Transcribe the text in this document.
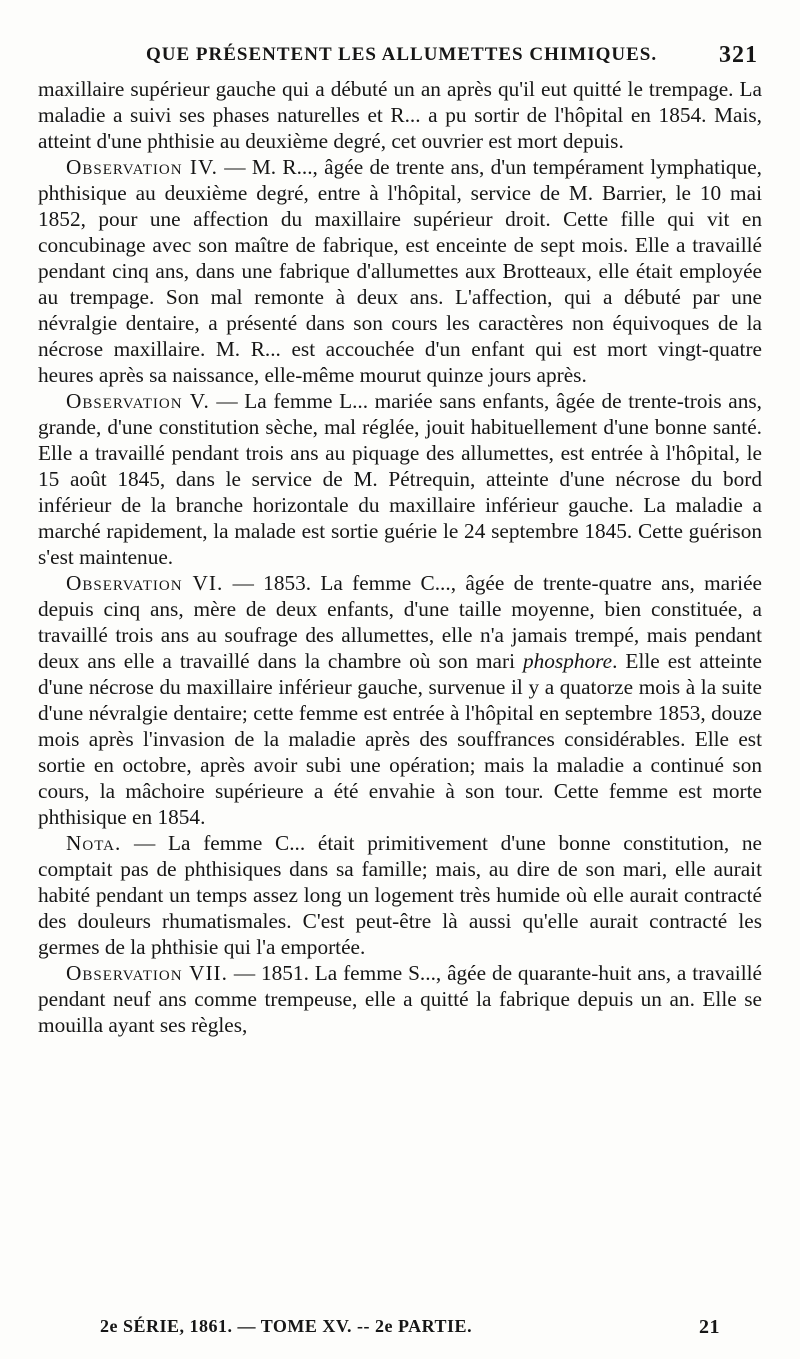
QUE PRÉSENTENT LES ALLUMETTES CHIMIQUES.	321

maxillaire supérieur gauche qui a débuté un an après qu'il eut quitté le trempage. La maladie a suivi ses phases naturelles et R... a pu sortir de l'hôpital en 1854. Mais, atteint d'une phthisie au deuxième degré, cet ouvrier est mort depuis.

Observation IV. — M. R..., âgée de trente ans, d'un tempérament lymphatique, phthisique au deuxième degré, entre à l'hôpital, service de M. Barrier, le 10 mai 1852, pour une affection du maxillaire supérieur droit. Cette fille qui vit en concubinage avec son maître de fabrique, est enceinte de sept mois. Elle a travaillé pendant cinq ans, dans une fabrique d'allumettes aux Brotteaux, elle était employée au trempage. Son mal remonte à deux ans. L'affection, qui a débuté par une névralgie dentaire, a présenté dans son cours les caractères non équivoques de la nécrose maxillaire. M. R... est accouchée d'un enfant qui est mort vingt-quatre heures après sa naissance, elle-même mourut quinze jours après.

Observation V. — La femme L... mariée sans enfants, âgée de trente-trois ans, grande, d'une constitution sèche, mal réglée, jouit habituellement d'une bonne santé. Elle a travaillé pendant trois ans au piquage des allumettes, est entrée à l'hôpital, le 15 août 1845, dans le service de M. Pétrequin, atteinte d'une nécrose du bord inférieur de la branche horizontale du maxillaire inférieur gauche. La maladie a marché rapidement, la malade est sortie guérie le 24 septembre 1845. Cette guérison s'est maintenue.

Observation VI. — 1853. La femme C..., âgée de trente-quatre ans, mariée depuis cinq ans, mère de deux enfants, d'une taille moyenne, bien constituée, a travaillé trois ans au soufrage des allumettes, elle n'a jamais trempé, mais pendant deux ans elle a travaillé dans la chambre où son mari phosphore. Elle est atteinte d'une nécrose du maxillaire inférieur gauche, survenue il y a quatorze mois à la suite d'une névralgie dentaire; cette femme est entrée à l'hôpital en septembre 1853, douze mois après l'invasion de la maladie après des souffrances considérables. Elle est sortie en octobre, après avoir subi une opération; mais la maladie a continué son cours, la mâchoire supérieure a été envahie à son tour. Cette femme est morte phthisique en 1854.

Nota. — La femme C... était primitivement d'une bonne constitution, ne comptait pas de phthisiques dans sa famille; mais, au dire de son mari, elle aurait habité pendant un temps assez long un logement très humide où elle aurait contracté des douleurs rhumatismales. C'est peut-être là aussi qu'elle aurait contracté les germes de la phthisie qui l'a emportée.

Observation VII. — 1851. La femme S..., âgée de quarante-huit ans, a travaillé pendant neuf ans comme trempeuse, elle a quitté la fabrique depuis un an. Elle se mouilla ayant ses règles,

2e SÉRIE, 1861. — TOME XV. -- 2e PARTIE.	21
